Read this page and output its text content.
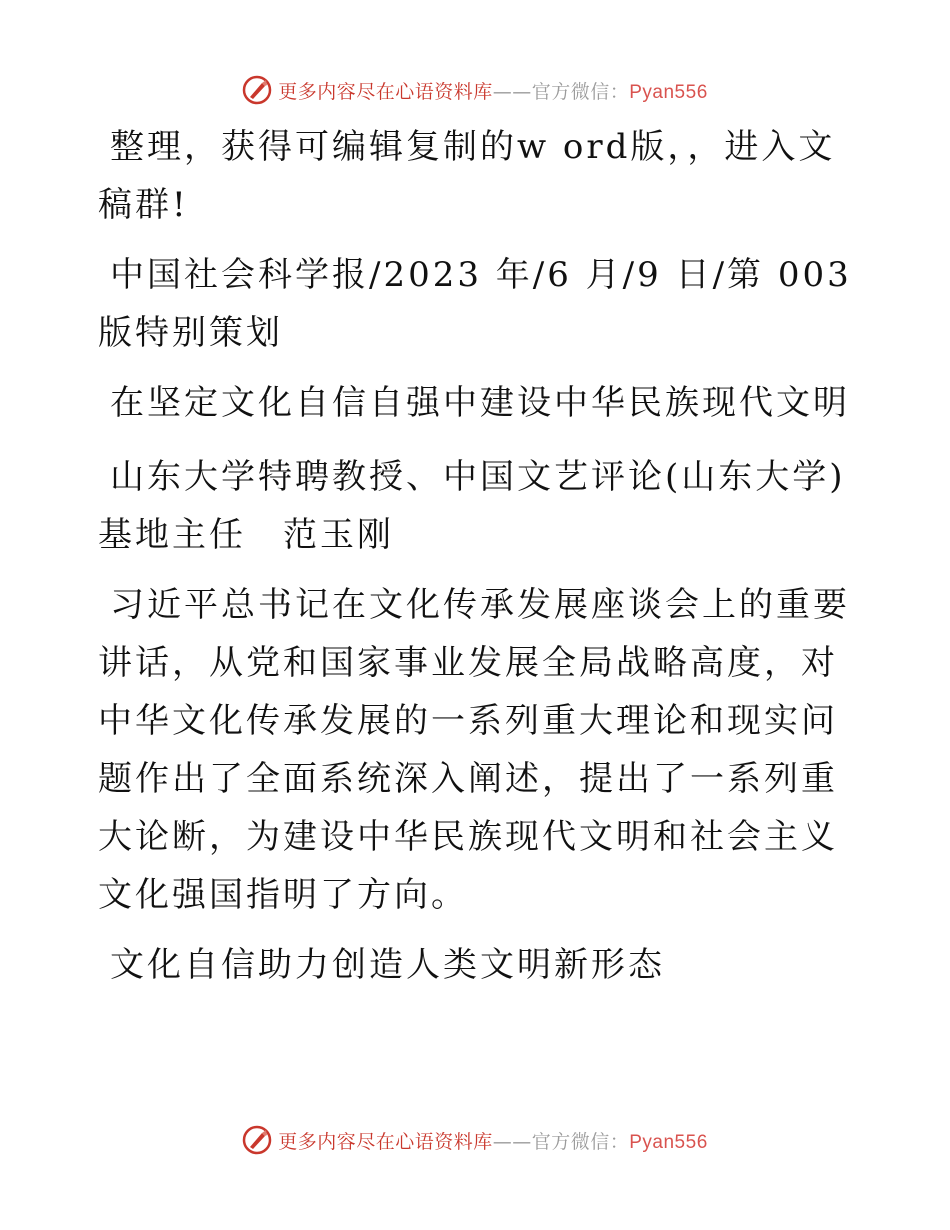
更多内容尽在心语资料库——官方微信：Pyan556

整理，获得可编辑复制的w ord版，，进入文稿群!

中国社会科学报/2023 年/6 月/9 日/第 003 版特别策划

在坚定文化自信自强中建设中华民族现代文明

山东大学特聘教授、中国文艺评论(山东大学)基地主任　范玉刚

习近平总书记在文化传承发展座谈会上的重要讲话，从党和国家事业发展全局战略高度，对中华文化传承发展的一系列重大理论和现实问题作出了全面系统深入阐述，提出了一系列重大论断，为建设中华民族现代文明和社会主义文化强国指明了方向。

文化自信助力创造人类文明新形态

更多内容尽在心语资料库——官方微信：Pyan556
